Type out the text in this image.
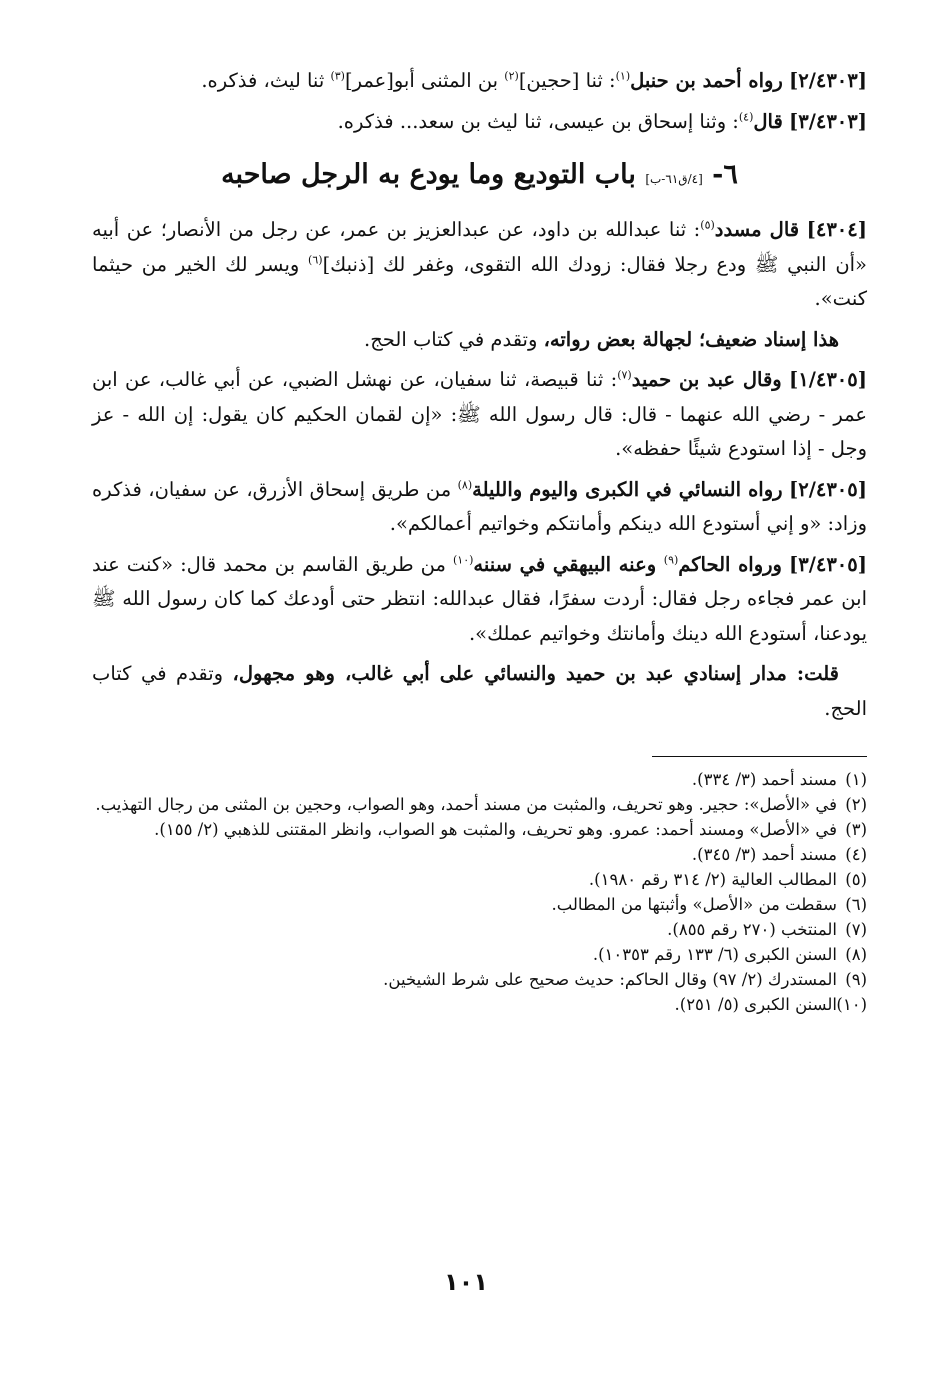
[٢/٤٣٠٣] رواه أحمد بن حنبل$^{(١)}$: ثنا [حجين]$^{(٢)}$ بن المثنى أبو[عمر]$^{(٣)}$ ثنا ليث، فذكره.

[٣/٤٣٠٣] قال$^{(٤)}$: وثنا إسحاق بن عيسى، ثنا ليث بن سعد... فذكره.

٦- [٤/ق٦١-ب] باب التوديع وما يودع به الرجل صاحبه

[٤٣٠٤] قال مسدد$^{(٥)}$: ثنا عبدالله بن داود، عن عبدالعزيز بن عمر، عن رجل من الأنصار؛ عن أبيه «أن النبي ﷺ ودع رجلا فقال: زودك الله التقوى، وغفر لك [ذنبك]$^{(٦)}$ ويسر لك الخير من حيثما كنت».

هذا إسناد ضعيف؛ لجهالة بعض رواته، وتقدم في كتاب الحج.

[١/٤٣٠٥] وقال عبد بن حميد$^{(٧)}$: ثنا قبيصة، ثنا سفيان، عن نهشل الضبي، عن أبي غالب، عن ابن عمر - رضي الله عنهما - قال: قال رسول الله ﷺ: «إن لقمان الحكيم كان يقول: إن الله - عز وجل - إذا استودع شيئًا حفظه».

[٢/٤٣٠٥] رواه النسائي في الكبرى واليوم والليلة$^{(٨)}$ من طريق إسحاق الأزرق، عن سفيان، فذكره وزاد: «و إني أستودع الله دينكم وأمانتكم وخواتيم أعمالكم».

[٣/٤٣٠٥] ورواه الحاكم$^{(٩)}$ وعنه البيهقي في سننه$^{(١٠)}$ من طريق القاسم بن محمد قال: «كنت عند ابن عمر فجاءه رجل فقال: أردت سفرًا، فقال عبدالله: انتظر حتى أودعك كما كان رسول الله ﷺ يودعنا، أستودع الله دينك وأمانتك وخواتيم عملك».

قلت: مدار إسنادي عبد بن حميد والنسائي على أبي غالب، وهو مجهول، وتقدم في كتاب الحج.

(١)
مسند أحمد (٣/ ٣٣٤).
(٢)
في «الأصل»: حجير. وهو تحريف، والمثبت من مسند أحمد، وهو الصواب، وحجين بن المثنى من رجال التهذيب.
(٣)
في «الأصل» ومسند أحمد: عمرو. وهو تحريف، والمثبت هو الصواب، وانظر المقتنى للذهبي (٢/ ١٥٥).
(٤)
مسند أحمد (٣/ ٣٤٥).
(٥)
المطالب العالية (٢/ ٣١٤ رقم ١٩٨٠).
(٦)
سقطت من «الأصل» وأثبتها من المطالب.
(٧)
المنتخب (٢٧٠ رقم ٨٥٥).
(٨)
السنن الكبرى (٦/ ١٣٣ رقم ١٠٣٥٣).
(٩)
المستدرك (٢/ ٩٧) وقال الحاكم: حديث صحيح على شرط الشيخين.
(١٠)
السنن الكبرى (٥/ ٢٥١).
١٠١
